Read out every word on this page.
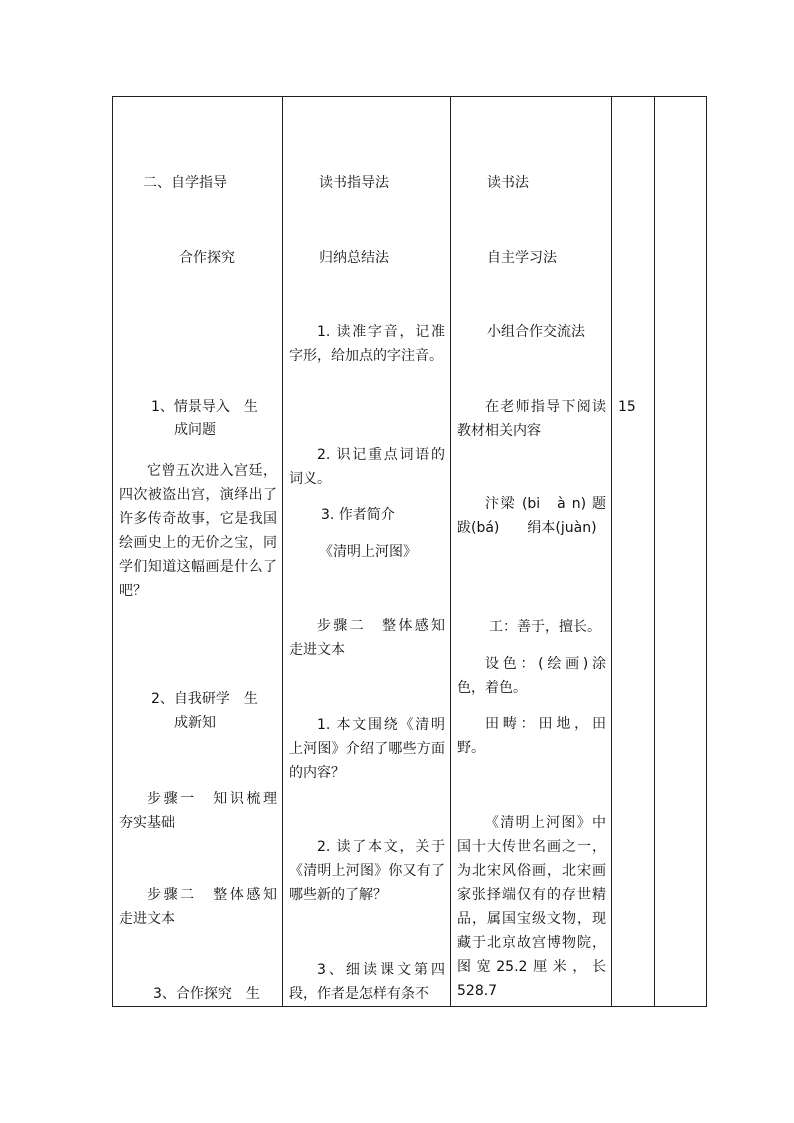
二、自学指导
合作探究
1、情景导入　生
成问题
它曾五次进入宫廷，四次被盗出宫，演绎出了许多传奇故事，它是我国绘画史上的无价之宝，同学们知道这幅画是什么了吧？
2、自我研学　生
成新知
步骤一　知识梳理　夯实基础
步骤二　整体感知　走进文本
3、合作探究　生

读书指导法
归纳总结法
1. 读准字音，记准字形，给加点的字注音。
2. 识记重点词语的词义。
3. 作者简介
《清明上河图》
步骤二　整体感知　走进文本
1. 本文围绕《清明上河图》介绍了哪些方面的内容？
2. 读了本文，关于《清明上河图》你又有了哪些新的了解？
3、细读课文第四段，作者是怎样有条不

读书法
自主学习法
小组合作交流法
在老师指导下阅读教材相关内容
汴梁 (bi　à n) 题跋(bá)　　绢本(juàn)
工：善于，擅长。
设色：(绘画)涂色，着色。
田畴：田地，田野。
《清明上河图》中国十大传世名画之一，为北宋风俗画，北宋画家张择端仅有的存世精品，属国宝级文物，现藏于北京故宫博物院，图宽25.2厘米，长528.7

15
